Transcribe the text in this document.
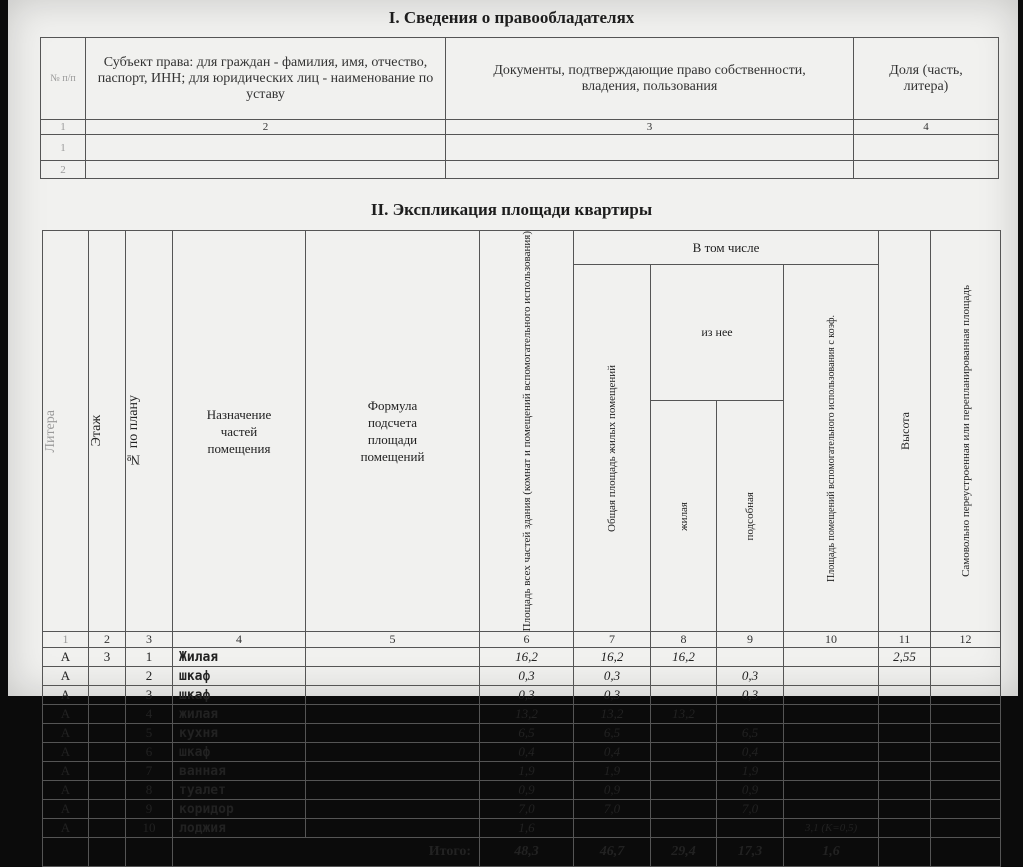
I. Сведения о правообладателях
№ п/п	Субъект права: для граждан - фамилия, имя, отчество, паспорт, ИНН; для юридических лиц - наименование по уставу	Документы, подтверждающие право собственности, владения, пользования	Доля (часть, литера)
1	2	3	4
1			
2			
II. Экспликация площади квартиры
Литера	Этаж	№ по плану	Назначение частей помещения	Формула подсчета площади помещений	Площадь всех частей здания (комнат и помещений вспомогательного использования)	В том числе				Высота	Самовольно переустроенная или перепланированная площадь

						Общая площадь жилых помещений	из нее		Площадь помещений вспомогательного использования с коэф.		

							жилая	подсобная			

1	2	3	4	5	6	7	8	9	10	11	12
А	3	1	Жилая		16,2	16,2	16,2			2,55	
А		2	шкаф		0,3	0,3		0,3			
А		3	шкаф		0,3	0,3		0,3			
А		4	жилая		13,2	13,2	13,2				
А		5	кухня		6,5	6,5		6,5			
А		6	шкаф		0,4	0,4		0,4			
А		7	ванная		1,9	1,9		1,9			
А		8	туалет		0,9	0,9		0,9			
А		9	коридор		7,0	7,0		7,0			
А		10	лоджия		1,6				3,1 (К=0,5)		
			Итого:		48,3	46,7	29,4	17,3	1,6		
